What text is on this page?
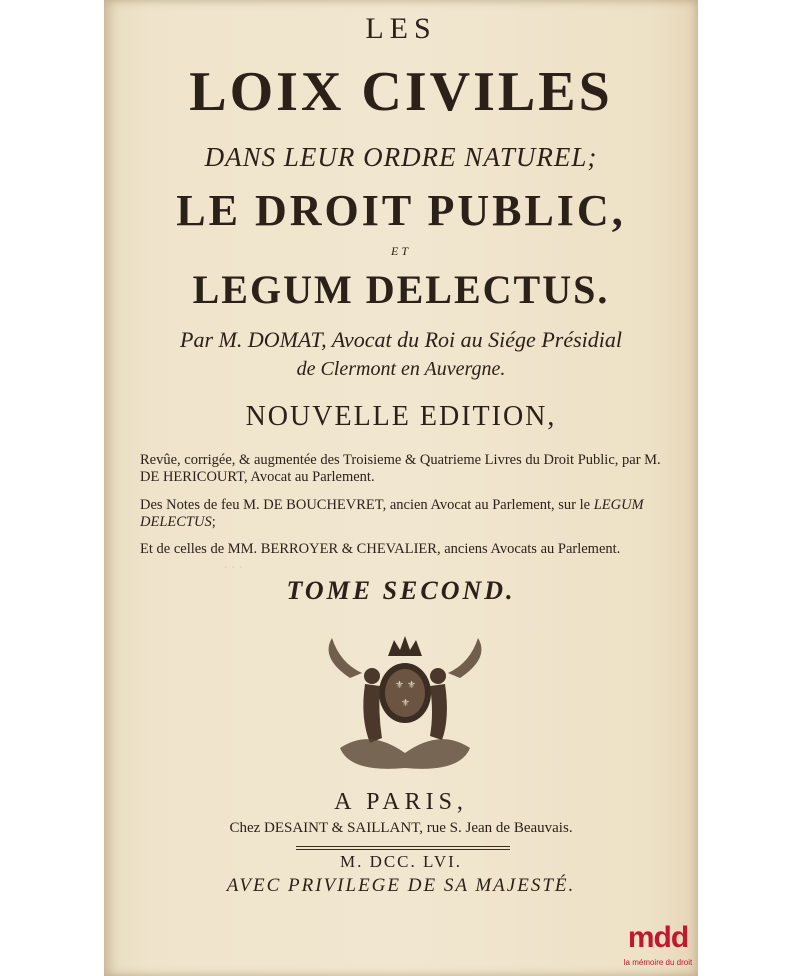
· · ·
LES
LOIX CIVILES
DANS LEUR ORDRE NATUREL;
LE DROIT PUBLIC,
ET
LEGUM DELECTUS.
Par M. DOMAT, Avocat du Roi au Siége Présidial
de Clermont en Auvergne.
NOUVELLE EDITION,
Revûe, corrigée, & augmentée des Troisieme & Quatrieme Livres du Droit Public, par M. DE HERICOURT, Avocat au Parlement.
Des Notes de feu M. DE BOUCHEVRET, ancien Avocat au Parlement, sur le LEGUM DELECTUS;
Et de celles de MM. BERROYER & CHEVALIER, anciens Avocats au Parlement.
TOME SECOND.
⚜ ⚜
⚜
A PARIS,
Chez DESAINT & SAILLANT, rue S. Jean de Beauvais.
M. DCC. LVI.
AVEC PRIVILEGE DE SA MAJESTÉ.
mdd
la mémoire du droit
